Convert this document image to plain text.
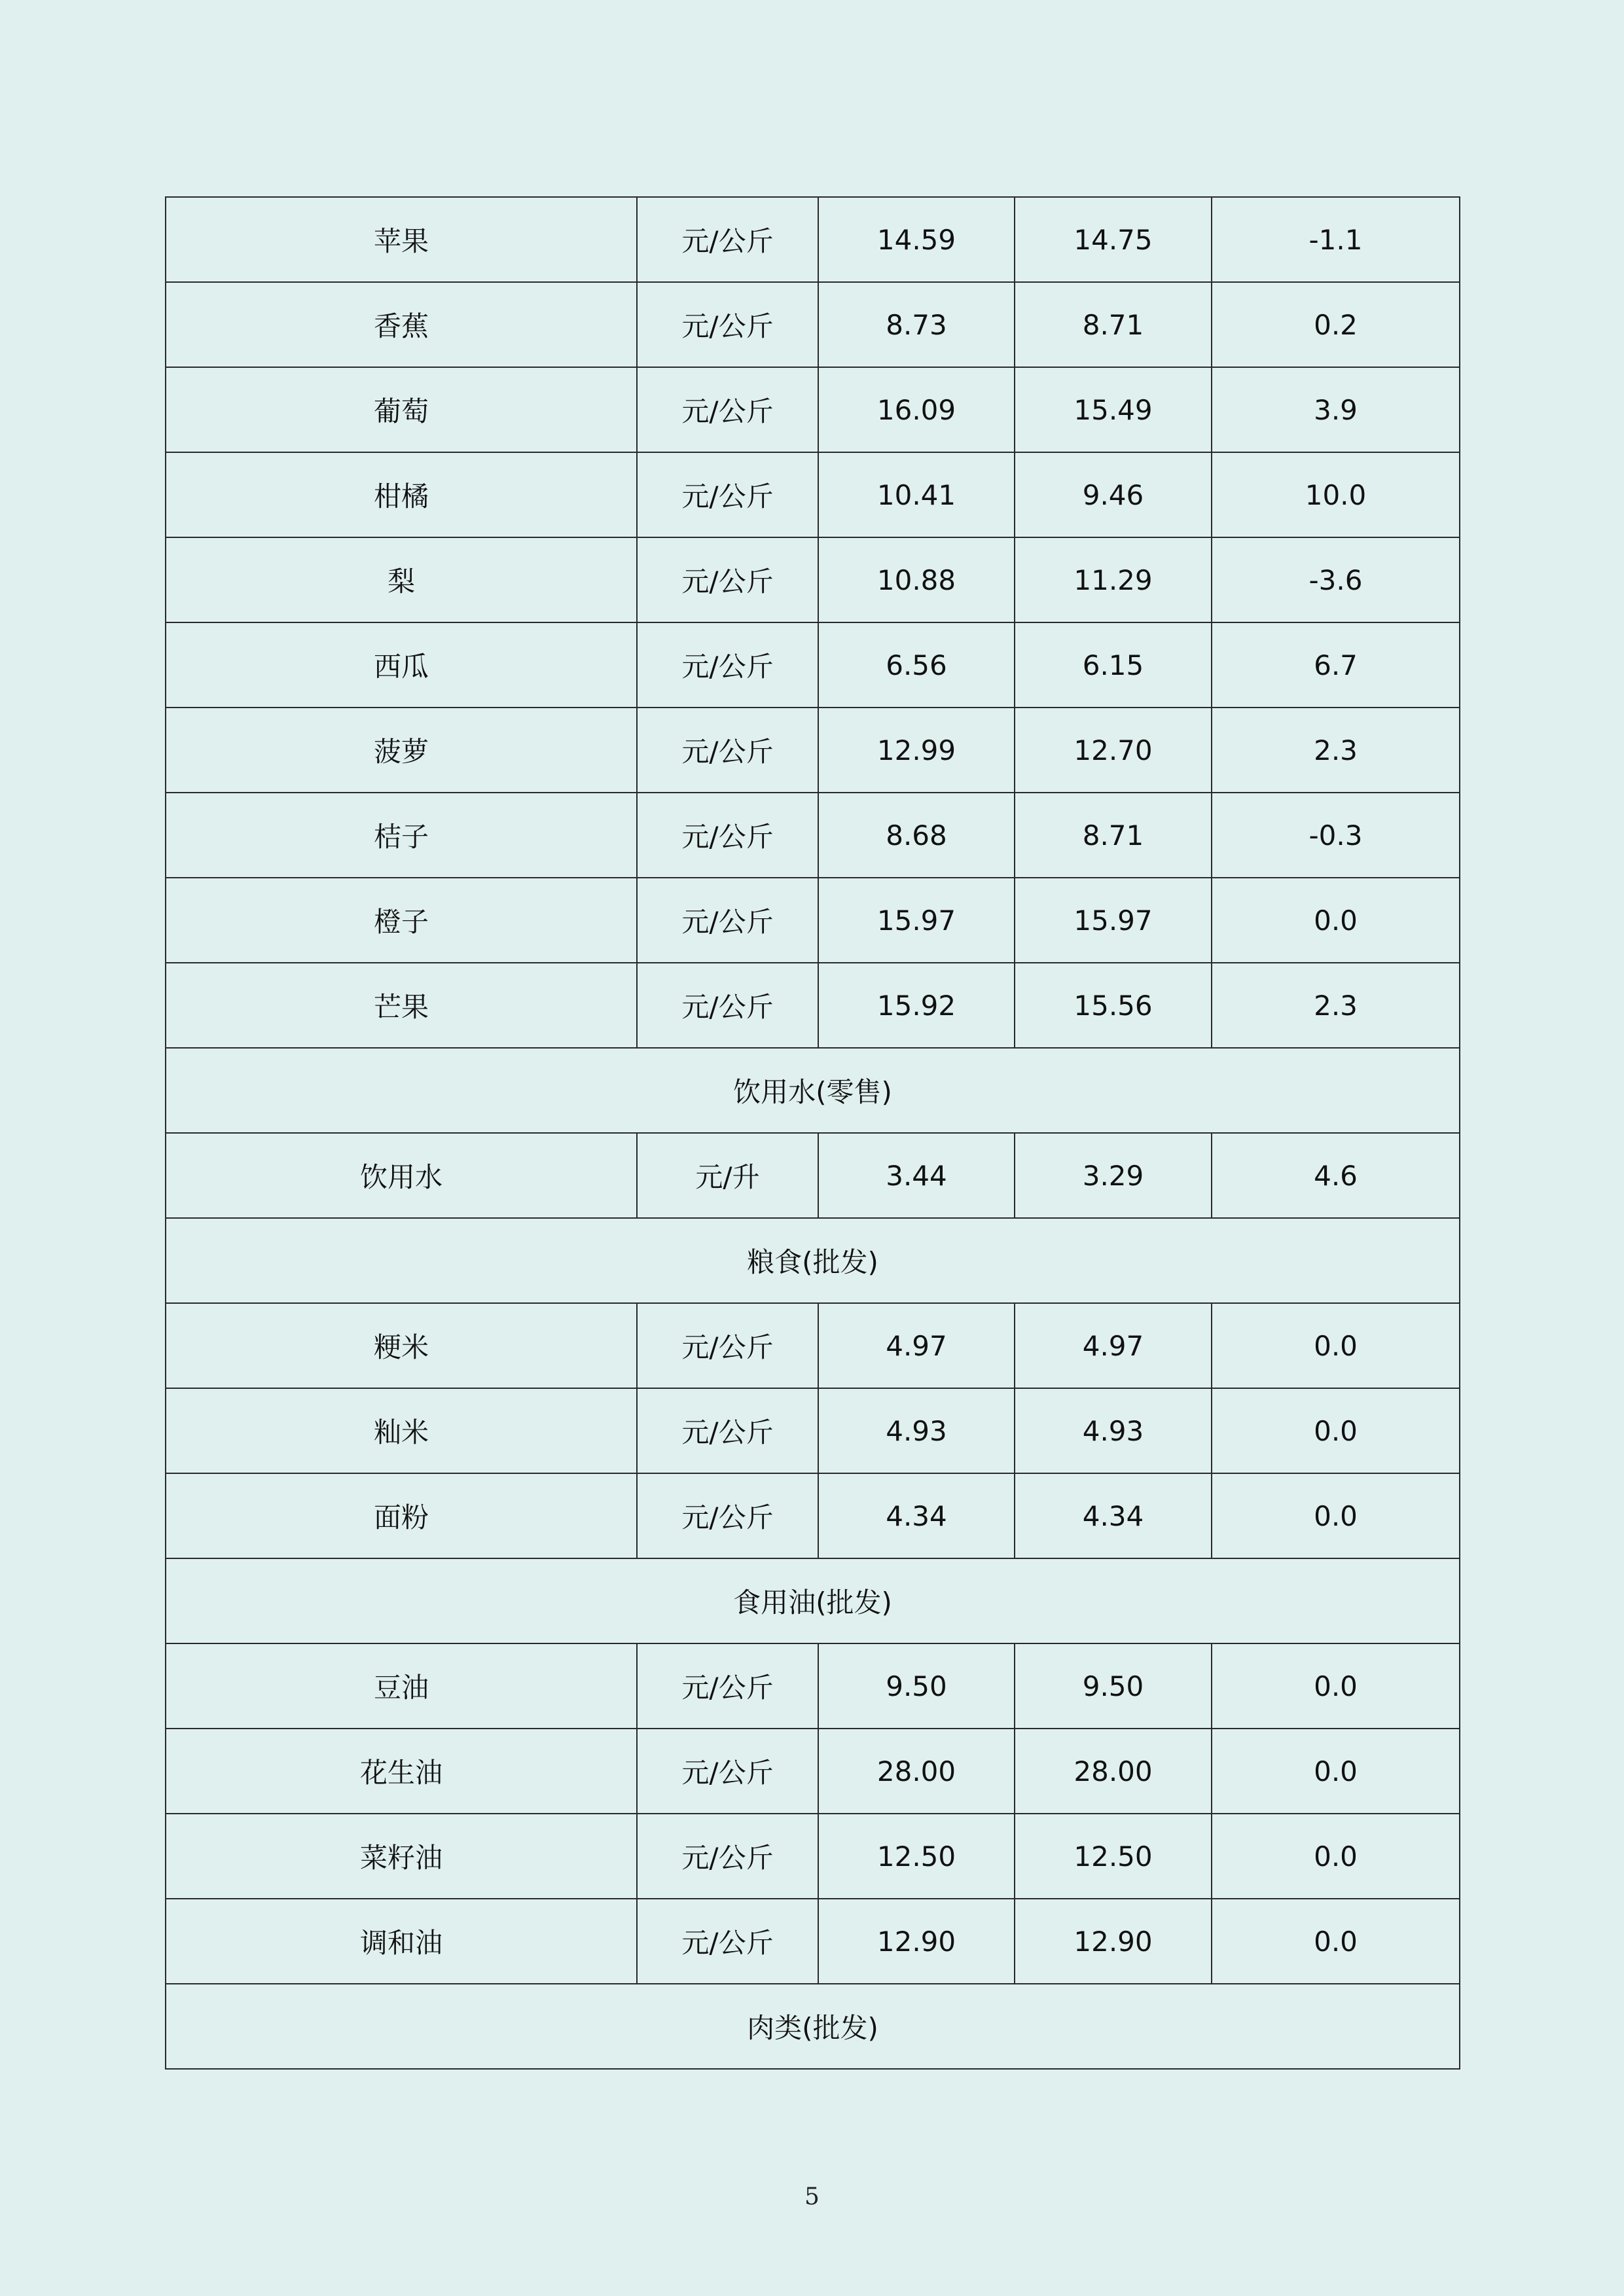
苹果	元/公斤	14.59	14.75	-1.1
香蕉	元/公斤	8.73	8.71	0.2
葡萄	元/公斤	16.09	15.49	3.9
柑橘	元/公斤	10.41	9.46	10.0
梨	元/公斤	10.88	11.29	-3.6
西瓜	元/公斤	6.56	6.15	6.7
菠萝	元/公斤	12.99	12.70	2.3
桔子	元/公斤	8.68	8.71	-0.3
橙子	元/公斤	15.97	15.97	0.0
芒果	元/公斤	15.92	15.56	2.3
饮用水(零售)				
饮用水	元/升	3.44	3.29	4.6
粮食(批发)				
粳米	元/公斤	4.97	4.97	0.0
籼米	元/公斤	4.93	4.93	0.0
面粉	元/公斤	4.34	4.34	0.0
食用油(批发)				
豆油	元/公斤	9.50	9.50	0.0
花生油	元/公斤	28.00	28.00	0.0
菜籽油	元/公斤	12.50	12.50	0.0
调和油	元/公斤	12.90	12.90	0.0
肉类(批发)				
5
